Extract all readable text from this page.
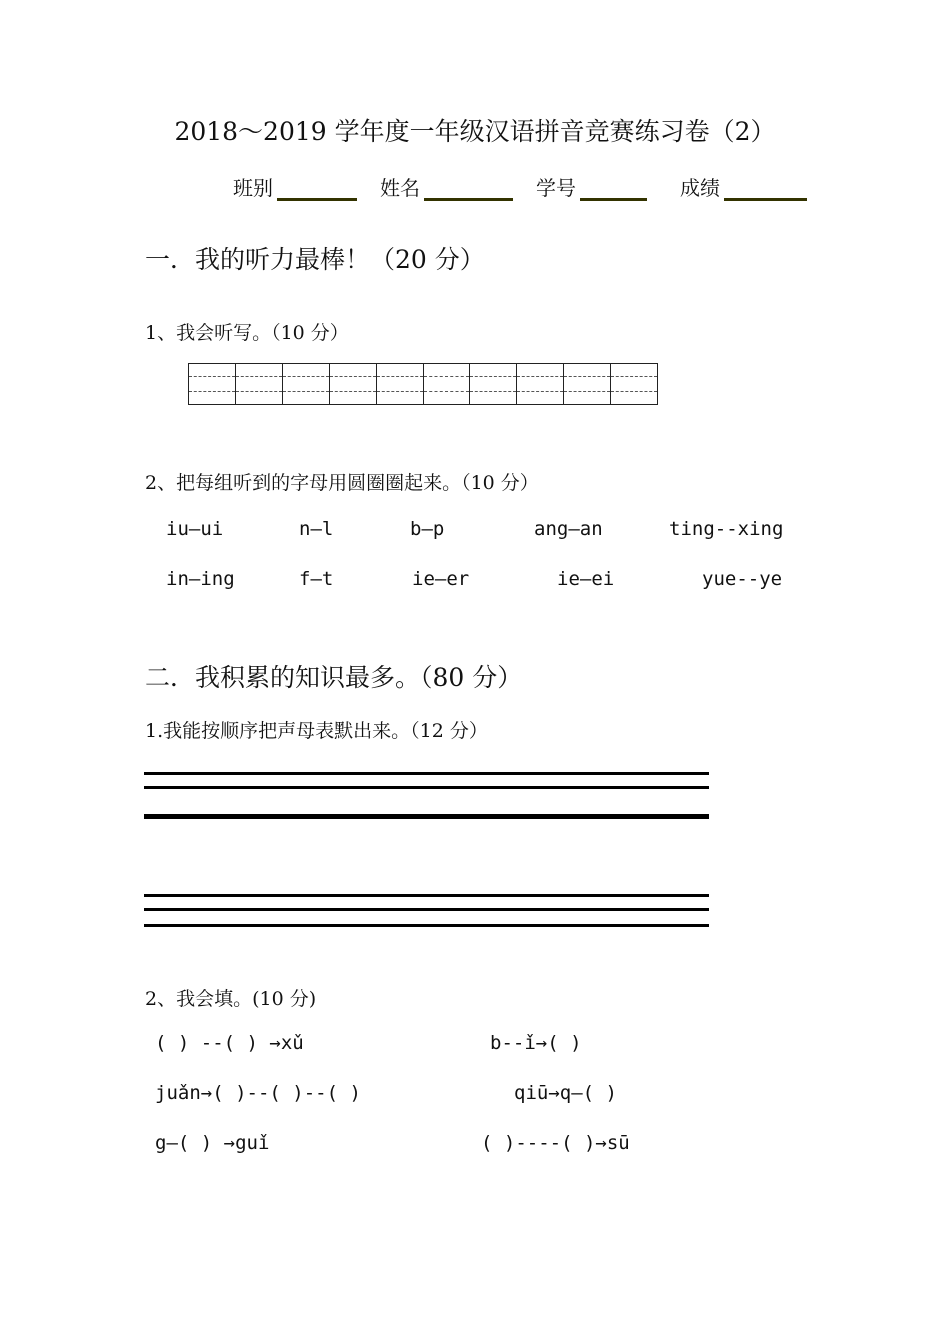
2018～2019 学年度一年级汉语拼音竞赛练习卷（2）
班别	姓名	学号	成绩
一．我的听力最棒！（20 分）
1、我会听写。（10 分）
2、把每组听到的字母用圆圈圈起来。（10 分）
iu—ui	n—l	b—p	ang—an	ting--xing
in—ing	f—t	ie—er	ie—ei	yue--ye
二．我积累的知识最多。（80 分）
1.我能按顺序把声母表默出来。（12 分）
2、我会填。(10 分)
( ) --( ) →xǔ	b--ǐ→( )
juǎn→( )--( )--( )	qiū→q—( )
g—( ) →guǐ	( )----( )→sū
